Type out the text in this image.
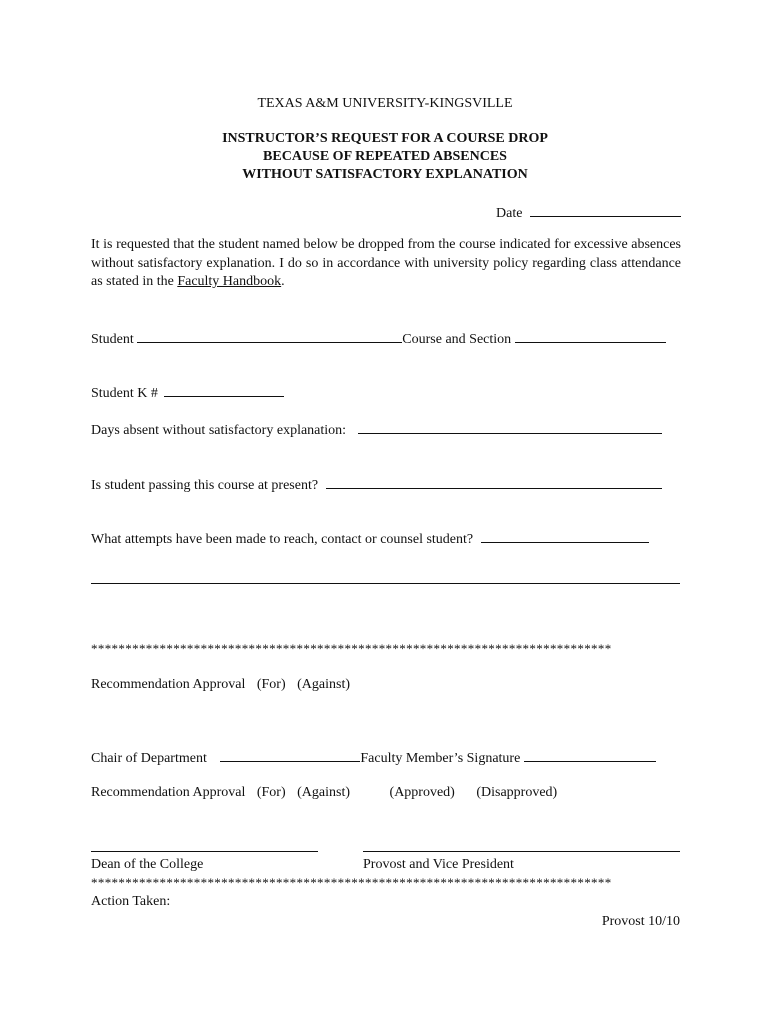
TEXAS A&M UNIVERSITY-KINGSVILLE
INSTRUCTOR’S REQUEST FOR A COURSE DROP
BECAUSE OF REPEATED ABSENCES
WITHOUT SATISFACTORY EXPLANATION
Date
It is requested that the student named below be dropped from the course indicated for excessive absences without satisfactory explanation. I do so in accordance with university policy regarding class attendance as stated in the Faculty Handbook.
Student	Course and Section
Student K #
Days absent without satisfactory explanation:
Is student passing this course at present?
What attempts have been made to reach, contact or counsel student?
****************************************************************************
Recommendation Approval (For) (Against)
Chair of Department	Faculty Member’s Signature
Recommendation Approval (For) (Against)	(Approved) (Disapproved)
Dean of the College	Provost and Vice President
****************************************************************************
Action Taken:
Provost 10/10
